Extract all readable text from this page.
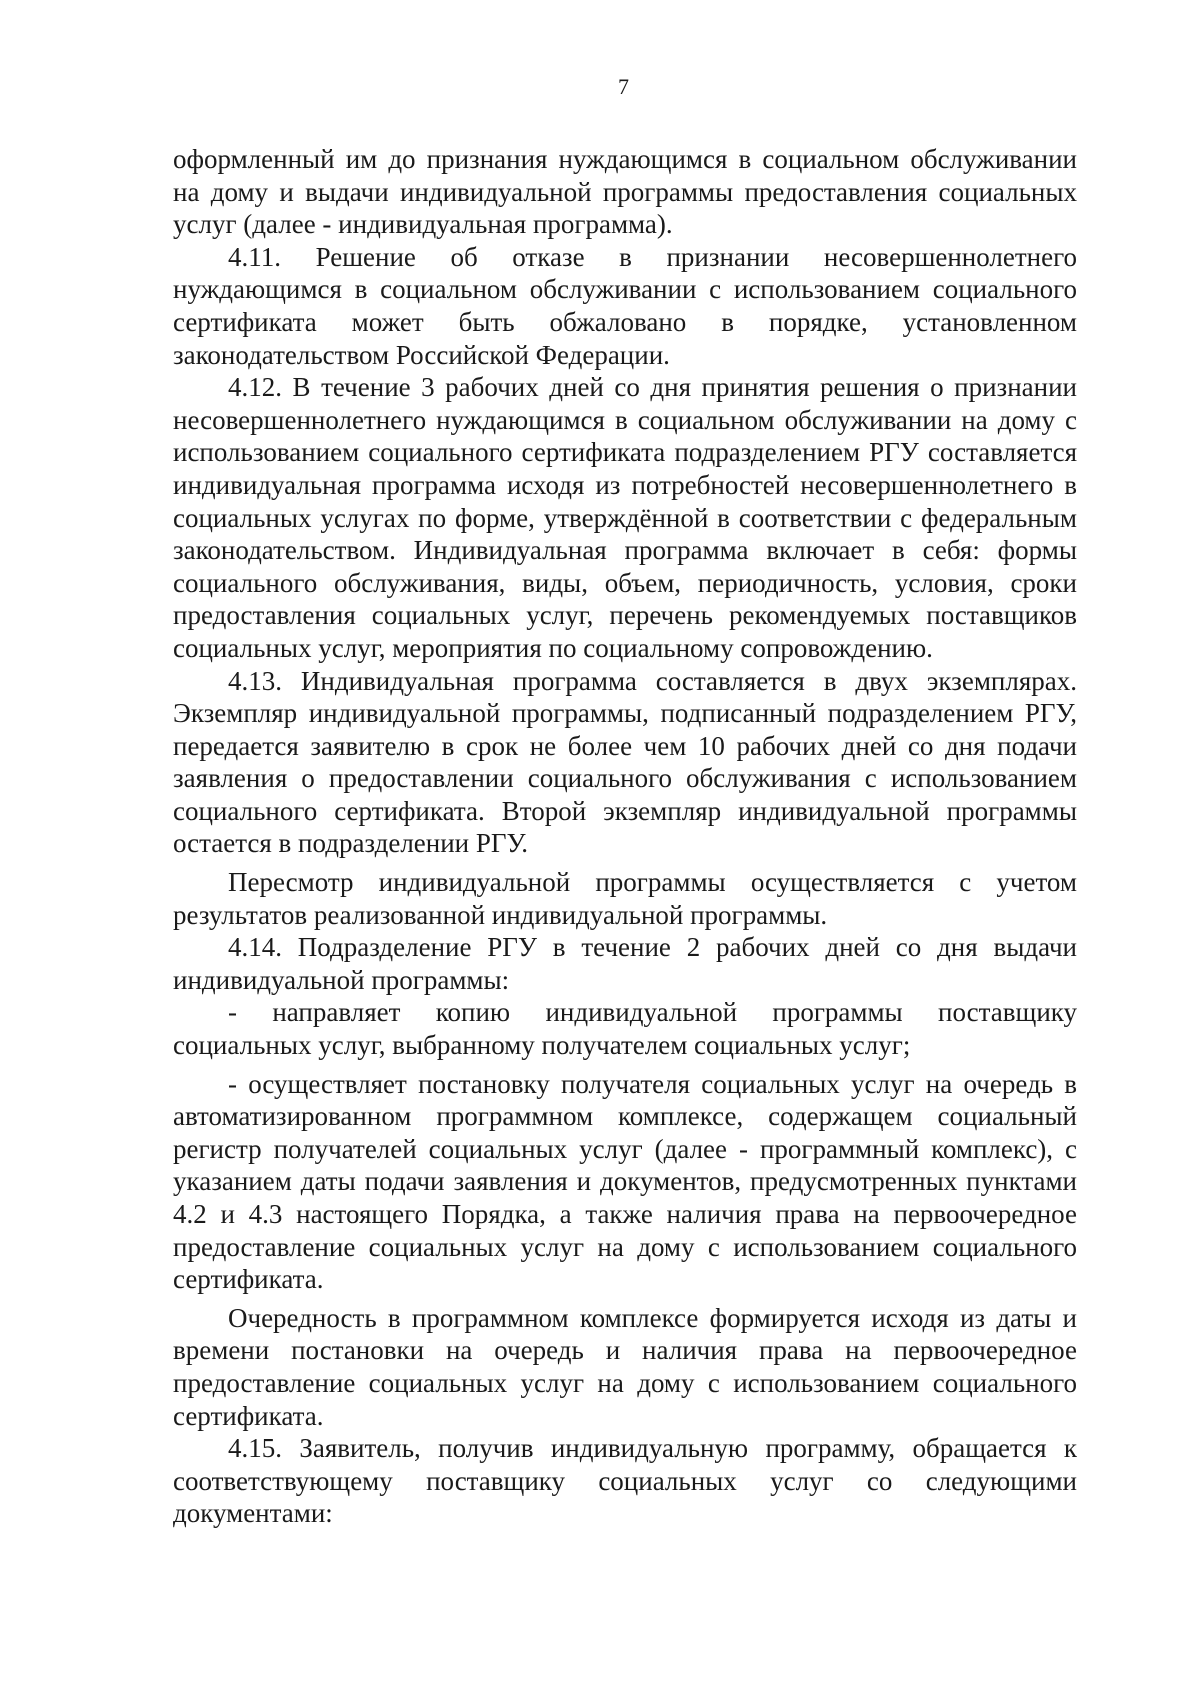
7

оформленный им до признания нуждающимся в социальном обслуживании на дому и выдачи индивидуальной программы предоставления социальных услуг (далее - индивидуальная программа).

4.11. Решение об отказе в признании несовершеннолетнего нуждающимся в социальном обслуживании с использованием социального сертификата может быть обжаловано в порядке, установленном законодательством Российской Федерации.

4.12. В течение 3 рабочих дней со дня принятия решения о признании несовершеннолетнего нуждающимся в социальном обслуживании на дому с использованием социального сертификата подразделением РГУ составляется индивидуальная программа исходя из потребностей несовершеннолетнего в социальных услугах по форме, утверждённой в соответствии с федеральным законодательством. Индивидуальная программа включает в себя: формы социального обслуживания, виды, объем, периодичность, условия, сроки предоставления социальных услуг, перечень рекомендуемых поставщиков социальных услуг, мероприятия по социальному сопровождению.

4.13. Индивидуальная программа составляется в двух экземплярах. Экземпляр индивидуальной программы, подписанный подразделением РГУ, передается заявителю в срок не более чем 10 рабочих дней со дня подачи заявления о предоставлении социального обслуживания с использованием социального сертификата. Второй экземпляр индивидуальной программы остается в подразделении РГУ.

Пересмотр индивидуальной программы осуществляется с учетом результатов реализованной индивидуальной программы.

4.14. Подразделение РГУ в течение 2 рабочих дней со дня выдачи индивидуальной программы:

- направляет копию индивидуальной программы поставщику социальных услуг, выбранному получателем социальных услуг;

- осуществляет постановку получателя социальных услуг на очередь в автоматизированном программном комплексе, содержащем социальный регистр получателей социальных услуг (далее - программный комплекс), с указанием даты подачи заявления и документов, предусмотренных пунктами 4.2 и 4.3 настоящего Порядка, а также наличия права на первоочередное предоставление социальных услуг на дому с использованием социального сертификата.

Очередность в программном комплексе формируется исходя из даты и времени постановки на очередь и наличия права на первоочередное предоставление социальных услуг на дому с использованием социального сертификата.

4.15. Заявитель, получив индивидуальную программу, обращается к соответствующему поставщику социальных услуг со следующими документами:
